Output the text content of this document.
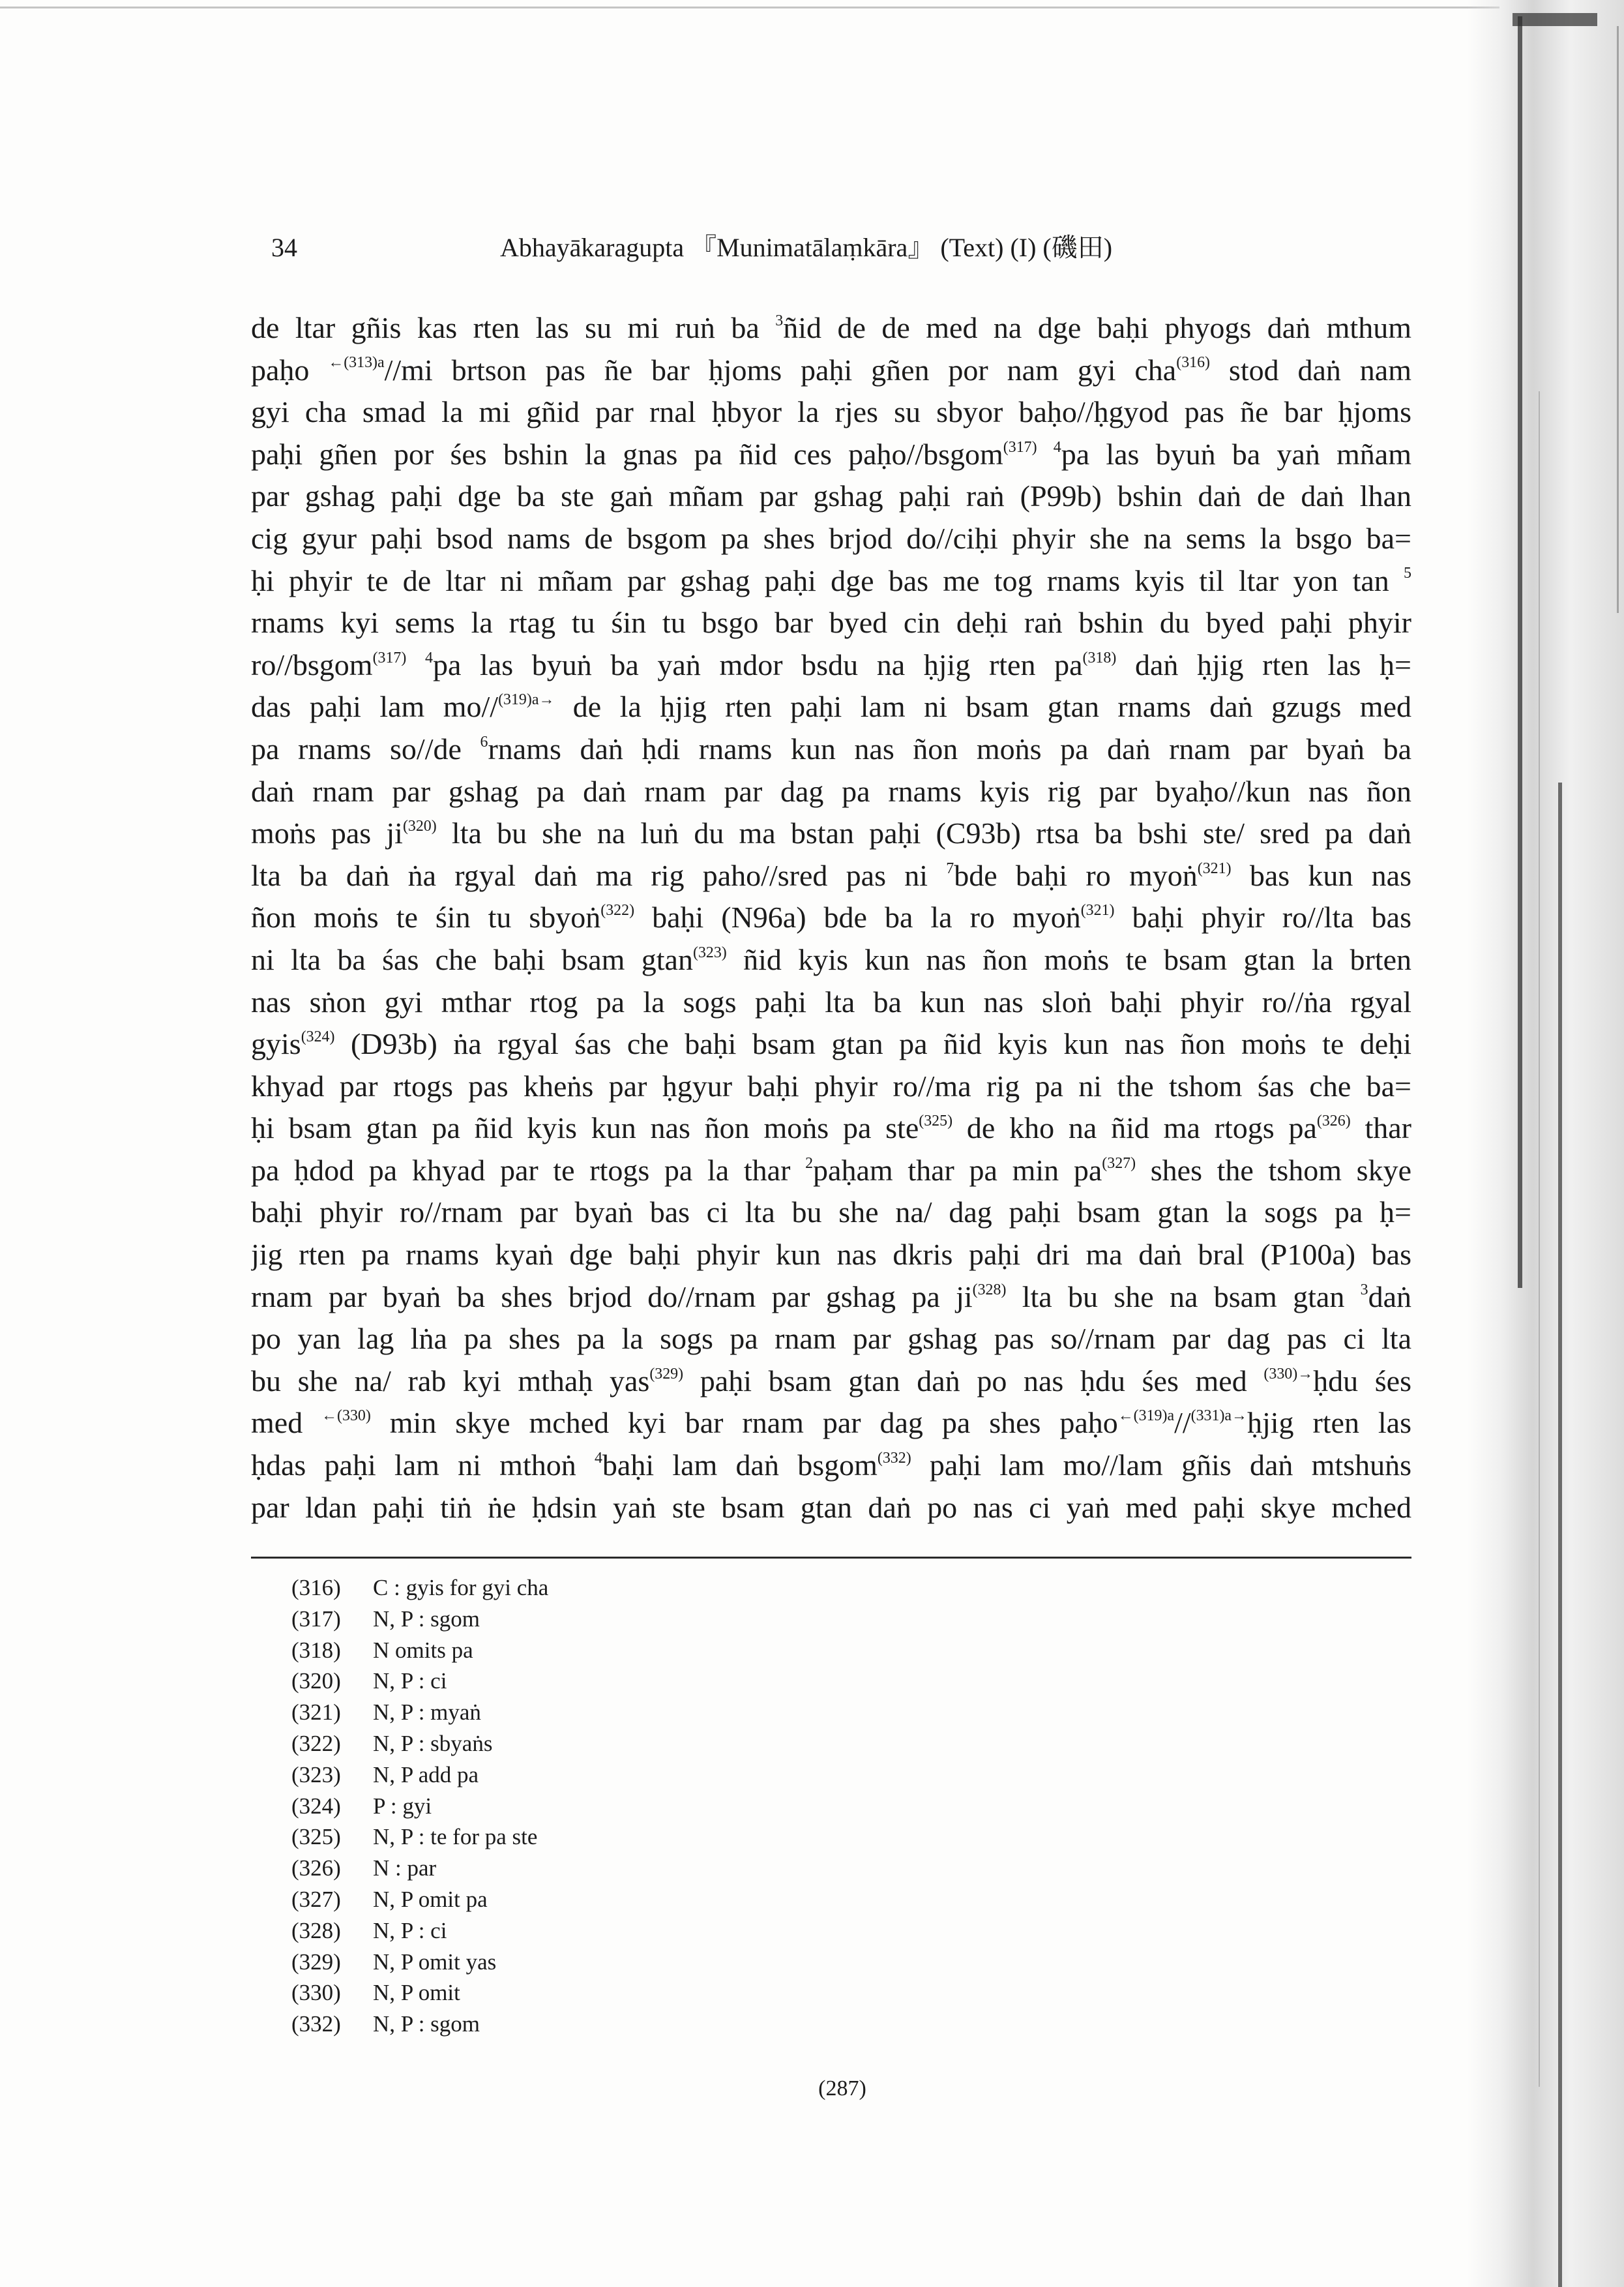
34	Abhayākaragupta 『Munimatālaṃkāra』 (Text) (I) (磯田)
de ltar gñis kas rten las su mi ruṅ ba $^3$ñid de de med na dge baḥi phyogs daṅ mthum
paḥo $^{\leftarrow(313)a}$//mi brtson pas ñe bar ḥjoms paḥi gñen por nam gyi cha$^{(316)}$ stod daṅ nam
gyi cha smad la mi gñid par rnal ḥbyor la rjes su sbyor baḥo//ḥgyod pas ñe bar ḥjoms
paḥi gñen por śes bshin la gnas pa ñid ces paḥo//bsgom$^{(317)}$ $^4$pa las byuṅ ba yaṅ mñam
par gshag paḥi dge ba ste gaṅ mñam par gshag paḥi raṅ (P99b) bshin daṅ de daṅ lhan
cig gyur paḥi bsod nams de bsgom pa shes brjod do//ciḥi phyir she na sems la bsgo ba=
ḥi phyir te de ltar ni mñam par gshag paḥi dge bas me tog rnams kyis til ltar yon tan $^5$
rnams kyi sems la rtag tu śin tu bsgo bar byed cin deḥi raṅ bshin du byed paḥi phyir
ro//bsgom$^{(317)}$ $^4$pa las byuṅ ba yaṅ mdor bsdu na ḥjig rten $pa^{(318)}$ daṅ ḥjig rten las ḥ=
das paḥi lam mo//$^{(319)a\to}$ de la ḥjig rten paḥi lam ni bsam gtan rnams daṅ gzugs med
pa rnams so//de $^6$rnams daṅ ḥdi rnams kun nas ñon moṅs pa daṅ rnam par byaṅ ba
daṅ rnam par gshag pa daṅ rnam par dag pa rnams kyis rig par byaḥo//kun nas ñon
moṅs pas $ji^{(320)}$ lta bu she na luṅ du ma bstan paḥi (C93b) rtsa ba bshi ste/ sred pa daṅ
lta ba daṅ ṅa rgyal daṅ ma rig paho//sred pas ni $^7$bde baḥi ro myoṅ$^{(321)}$ bas kun nas
ñon moṅs te śin tu sbyoṅ$^{(322)}$ baḥi (N96a) bde ba la ro myoṅ$^{(321)}$ baḥi phyir ro//lta bas
ni lta ba śas che baḥi bsam gtan$^{(323)}$ ñid kyis kun nas ñon moṅs te bsam gtan la brten
nas sṅon gyi mthar rtog pa la sogs paḥi lta ba kun nas sloṅ baḥi phyir ro//ṅa rgyal
gyis$^{(324)}$ (D93b) ṅa rgyal śas che baḥi bsam gtan pa ñid kyis kun nas ñon moṅs te deḥi
khyad par rtogs pas kheṅs par ḥgyur baḥi phyir ro//ma rig pa ni the tshom śas che ba=
ḥi bsam gtan pa ñid kyis kun nas ñon moṅs pa ste$^{(325)}$ de kho na ñid ma rtogs $pa^{(326)}$ thar
pa ḥdod pa khyad par te rtogs pa la thar $^2$paḥam thar pa $\min pa^{(327)}$ shes the tshom skye
baḥi phyir ro//rnam par byaṅ bas ci lta bu she na/ dag paḥi bsam gtan la sogs pa ḥ=
jig rten pa rnams kyaṅ dge baḥi phyir kun nas dkris paḥi dri ma daṅ bral (P100a) bas
rnam par byaṅ ba shes brjod do//rnam par gshag pa $ji^{(328)}$ lta bu she na bsam gtan $^3$daṅ
po yan lag lṅa pa shes pa la sogs pa rnam par gshag pas so//rnam par dag pas ci lta
bu she na/ rab kyi mthaḥ yas$^{(329)}$ paḥi bsam gtan daṅ po nas ḥdu śes med $^{(330)\to}$ḥdu śes
med $^{\leftarrow(330)}$ min skye mched kyi bar rnam par dag pa shes paḥo$^{\leftarrow(319)a}$//$^{(331)a\to}$ḥjig rten las
ḥdas paḥi lam ni mthoṅ $^4$baḥi lam daṅ bsgom$^{(332)}$ paḥi lam mo//lam gñis daṅ mtshuṅs
par ldan paḥi tiṅ ṅe ḥdsin yaṅ ste bsam gtan daṅ po nas ci yaṅ med paḥi skye mched
(316) C : gyis for gyi cha
(317) N, P : sgom
(318) N omits pa
(320) N, P : ci
(321) N, P : myaṅ
(322) N, P : sbyaṅs
(323) N, P add pa
(324) P : gyi
(325) N, P : te for pa ste
(326) N : par
(327) N, P omit pa
(328) N, P : ci
(329) N, P omit yas
(330) N, P omit
(332) N, P : sgom
(287)
